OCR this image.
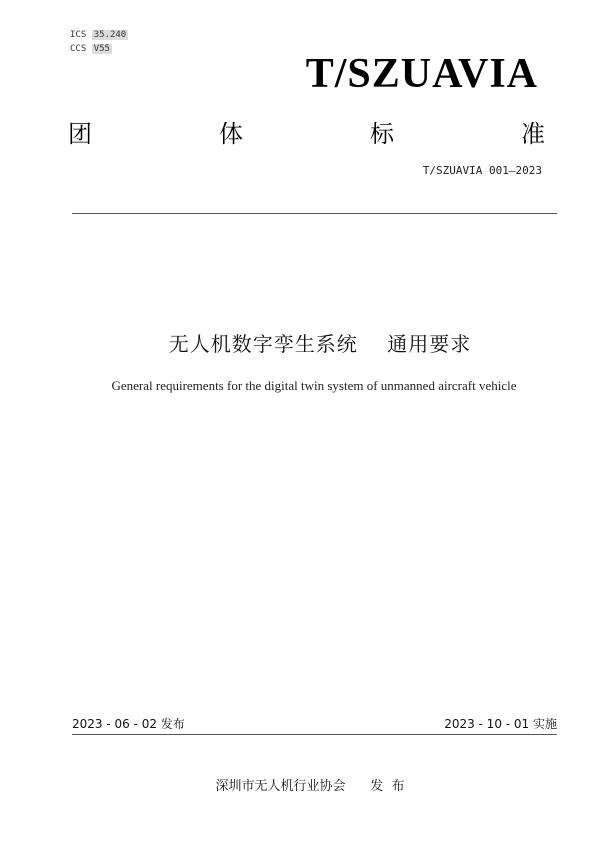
ICS 35.240
CCS V55
T/SZUAVIA
团	体	标	准
T/SZUAVIA 001—2023
无人机数字孪生系统    通用要求
General requirements for the digital twin system of unmanned aircraft vehicle
2023 - 06 - 02 发布	2023 - 10 - 01 实施
深圳市无人机行业协会      发  布
